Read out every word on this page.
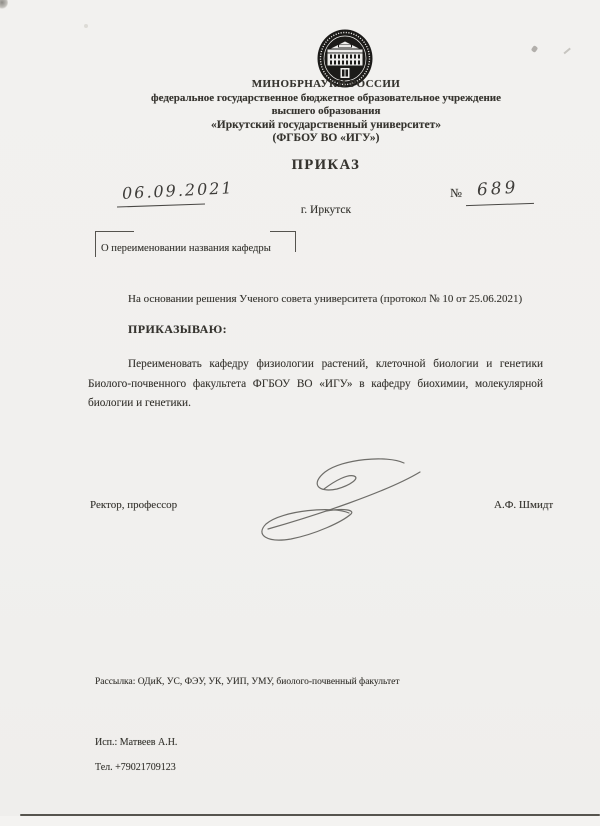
МИНОБРНАУКИ РОССИИ
федеральное государственное бюджетное образовательное учреждение
высшего образования
«Иркутский государственный университет»
(ФГБОУ ВО «ИГУ»)
ПРИКАЗ
06.09.2021	№ 689
г. Иркутск
О переименовании названия кафедры
На основании решения Ученого совета университета (протокол № 10 от 25.06.2021)
ПРИКАЗЫВАЮ:
Переименовать кафедру физиологии растений, клеточной биологии и генетики Биолого-почвенного факультета ФГБОУ ВО «ИГУ» в кафедру биохимии, молекулярной биологии и генетики.
Ректор, профессор	А.Ф. Шмидт
Рассылка: ОДиК, УС, ФЭУ, УК, УИП, УМУ, биолого-почвенный факультет
Исп.: Матвеев А.Н.
Тел. +79021709123
